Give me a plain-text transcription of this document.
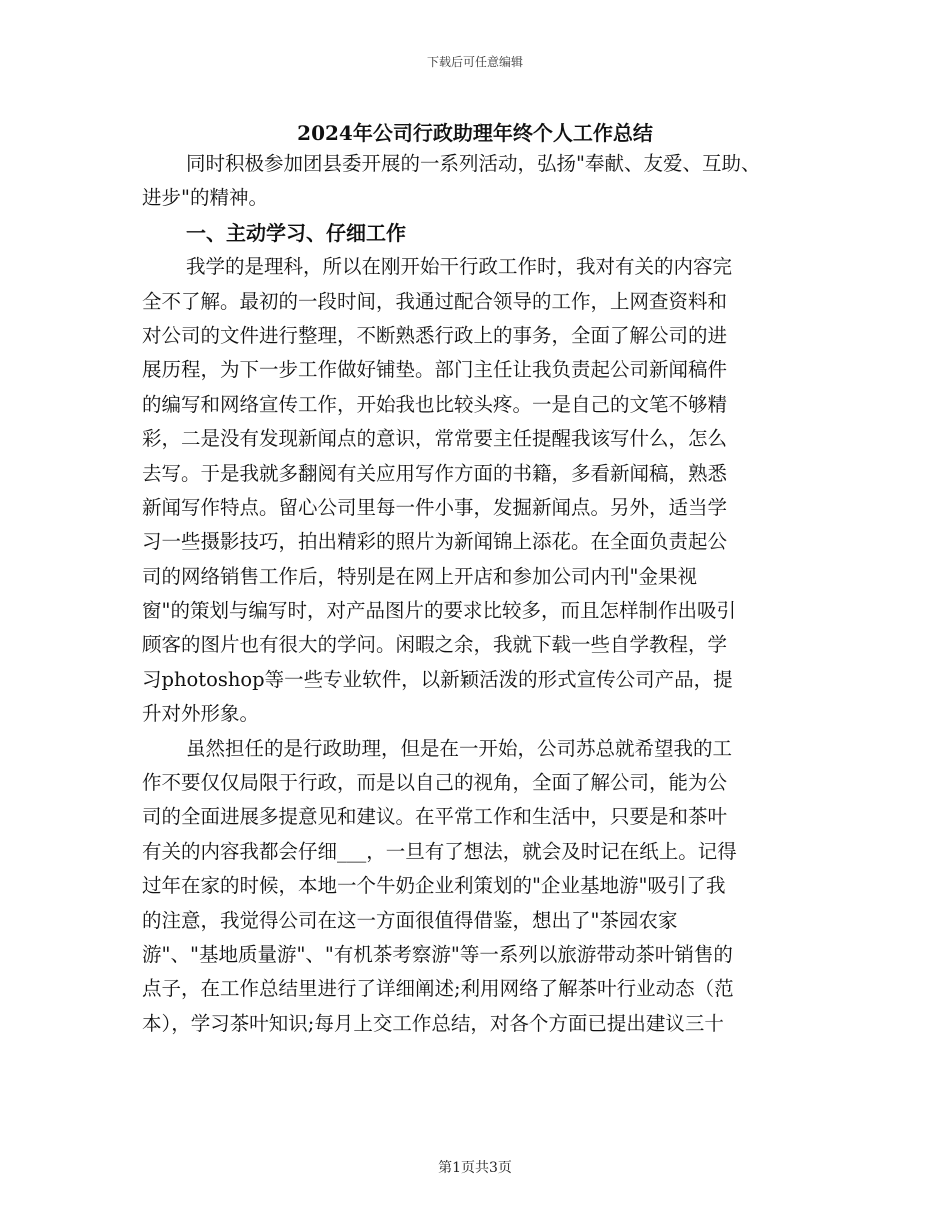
下载后可任意编辑
2024年公司行政助理年终个人工作总结
同时积极参加团县委开展的一系列活动，弘扬"奉献、友爱、互助、
进步"的精神。
一、主动学习、仔细工作
我学的是理科，所以在刚开始干行政工作时，我对有关的内容完
全不了解。最初的一段时间，我通过配合领导的工作，上网查资料和
对公司的文件进行整理，不断熟悉行政上的事务，全面了解公司的进
展历程，为下一步工作做好铺垫。部门主任让我负责起公司新闻稿件
的编写和网络宣传工作，开始我也比较头疼。一是自己的文笔不够精
彩，二是没有发现新闻点的意识，常常要主任提醒我该写什么，怎么
去写。于是我就多翻阅有关应用写作方面的书籍，多看新闻稿，熟悉
新闻写作特点。留心公司里每一件小事，发掘新闻点。另外，适当学
习一些摄影技巧，拍出精彩的照片为新闻锦上添花。在全面负责起公
司的网络销售工作后，特别是在网上开店和参加公司内刊"金果视
窗"的策划与编写时，对产品图片的要求比较多，而且怎样制作出吸引
顾客的图片也有很大的学问。闲暇之余，我就下载一些自学教程，学
习photoshop等一些专业软件，以新颖活泼的形式宣传公司产品，提
升对外形象。
虽然担任的是行政助理，但是在一开始，公司苏总就希望我的工
作不要仅仅局限于行政，而是以自己的视角，全面了解公司，能为公
司的全面进展多提意见和建议。在平常工作和生活中，只要是和茶叶
有关的内容我都会仔细___，一旦有了想法，就会及时记在纸上。记得
过年在家的时候，本地一个牛奶企业利策划的"企业基地游"吸引了我
的注意，我觉得公司在这一方面很值得借鉴，想出了"茶园农家
游"、"基地质量游"、"有机茶考察游"等一系列以旅游带动茶叶销售的
点子，在工作总结里进行了详细阐述;利用网络了解茶叶行业动态（范
本），学习茶叶知识;每月上交工作总结，对各个方面已提出建议三十
第1页共3页
